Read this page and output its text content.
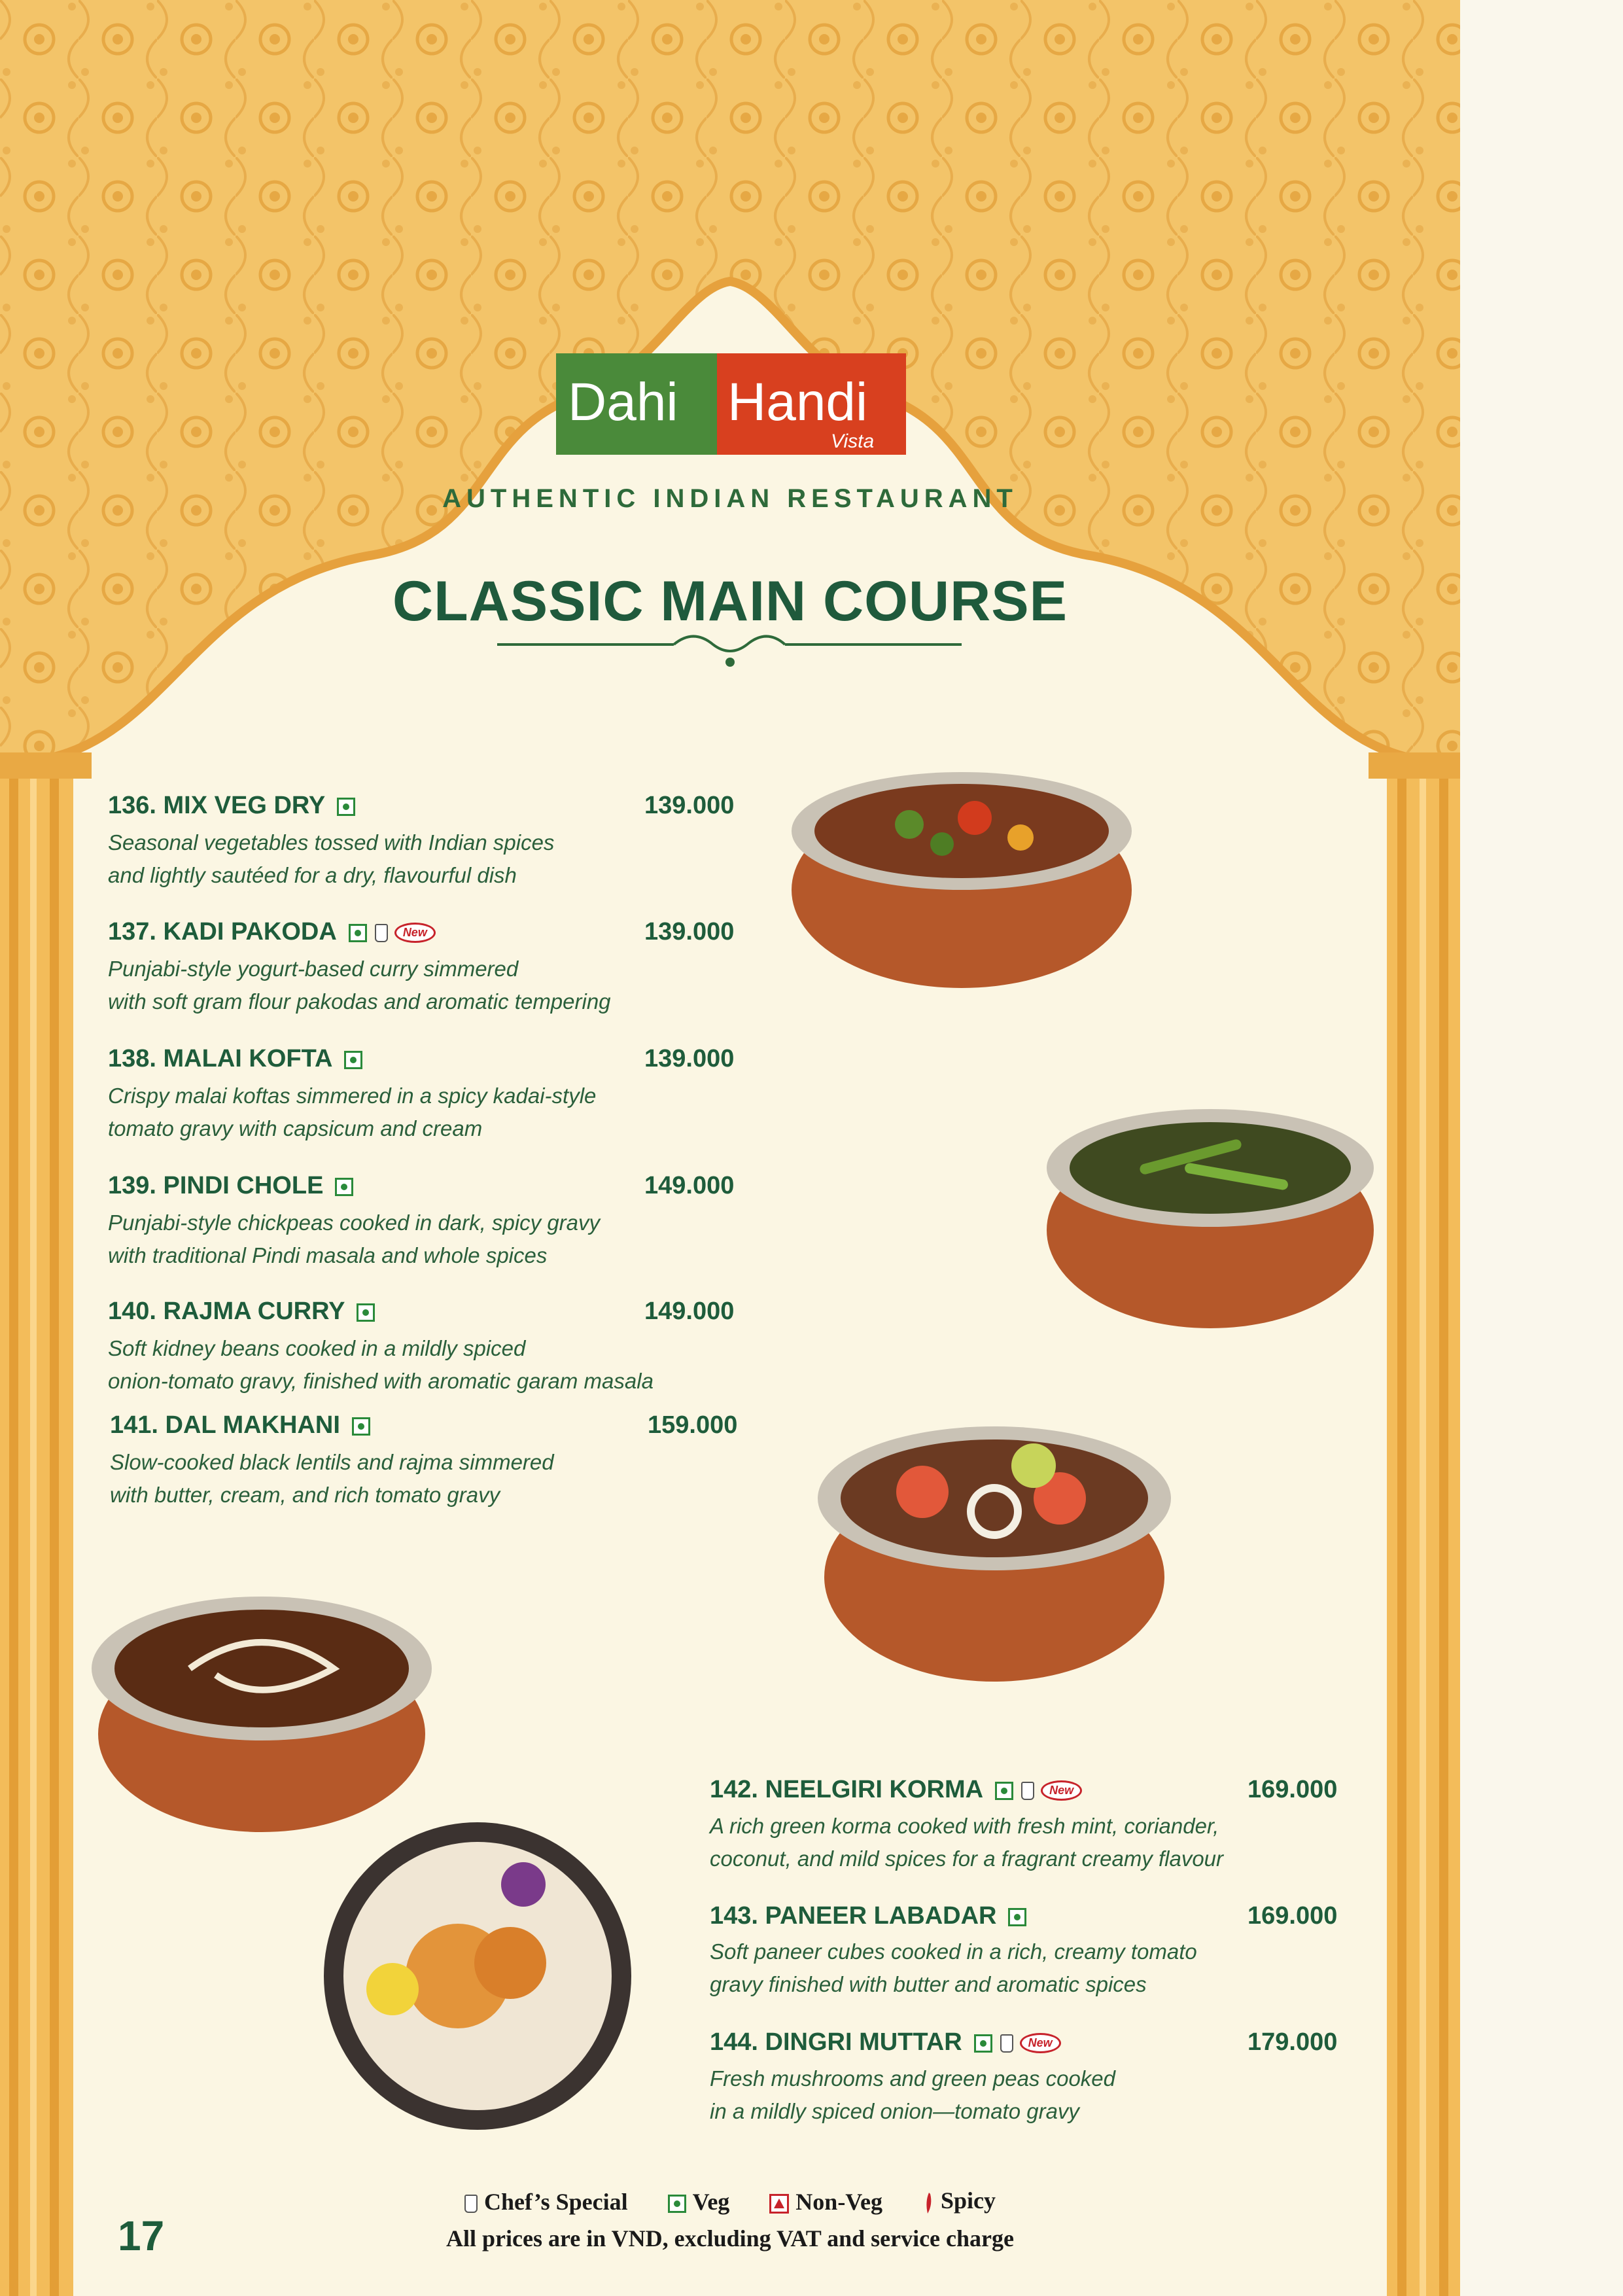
Dahi Handi
Vista
AUTHENTIC INDIAN RESTAURANT
CLASSIC MAIN COURSE
136. MIX VEG DRY	139.000
Seasonal vegetables tossed with Indian spices
and lightly sautéed for a dry, flavourful dish
137. KADI PAKODA	New	139.000
Punjabi-style yogurt-based curry simmered
with soft gram flour pakodas and aromatic tempering
138. MALAI KOFTA	139.000
Crispy malai koftas simmered in a spicy kadai-style
tomato gravy with capsicum and cream
139. PINDI CHOLE	149.000
Punjabi-style chickpeas cooked in dark, spicy gravy
with traditional Pindi masala and whole spices
140. RAJMA CURRY	149.000
Soft kidney beans cooked in a mildly spiced
onion-tomato gravy, finished with aromatic garam masala
141. DAL MAKHANI	159.000
Slow-cooked black lentils and rajma simmered
with butter, cream, and rich tomato gravy
142. NEELGIRI KORMA	New	169.000
A rich green korma cooked with fresh mint, coriander,
coconut, and mild spices for a fragrant creamy flavour
143. PANEER LABADAR	169.000
Soft paneer cubes cooked in a rich, creamy tomato
gravy finished with butter and aromatic spices
144. DINGRI MUTTAR	New	179.000
Fresh mushrooms and green peas cooked
in a mildly spiced onion—tomato gravy
Chef’s Special	Veg	Non-Veg Spicy
All prices are in VND, excluding VAT and service charge
17
